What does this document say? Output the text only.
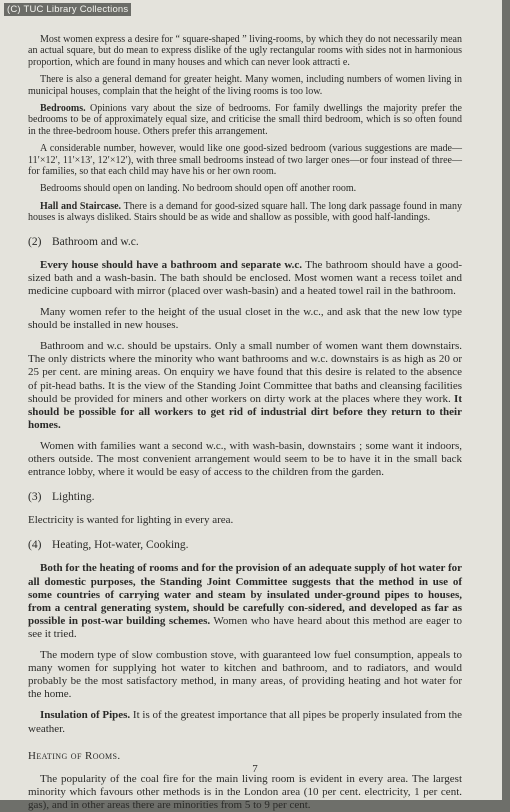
(C) TUC Library Collections

Most women express a desire for “ square-shaped ” living-rooms, by which they do not necessarily mean an actual square, but do mean to express dislike of the ugly rectangular rooms with sides not in harmonious proportion, which are found in many houses and which can never look attracti e.

There is also a general demand for greater height. Many women, including numbers of women living in municipal houses, complain that the height of the living rooms is too low.

Bedrooms. Opinions vary about the size of bedrooms. For family dwellings the majority prefer the bedrooms to be of approximately equal size, and criticise the small third bedroom, which is so often found in the three-bedroom house. Others prefer this arrangement.

A considerable number, however, would like one good-sized bedroom (various suggestions are made—11′×12′, 11′×13′, 12′×12′), with three small bedrooms instead of two larger ones—or four instead of three—for families, so that each child may have his or her own room.

Bedrooms should open on landing. No bedroom should open off another room.

Hall and Staircase. There is a demand for good-sized square hall. The long dark passage found in many houses is always disliked. Stairs should be as wide and shallow as possible, with good half-landings.

(2) Bathroom and w.c.

Every house should have a bathroom and separate w.c. The bathroom should have a good-sized bath and a wash-basin. The bath should be enclosed. Most women want a recess toilet and medicine cupboard with mirror (placed over wash-basin) and a heated towel rail in the bathroom.

Many women refer to the height of the usual closet in the w.c., and ask that the new low type should be installed in new houses.

Bathroom and w.c. should be upstairs. Only a small number of women want them downstairs. The only districts where the minority who want bathrooms and w.c. downstairs is as high as 20 or 25 per cent. are mining areas. On enquiry we have found that this desire is related to the absence of pit-head baths. It is the view of the Standing Joint Committee that baths and cleansing facilities should be provided for miners and other workers on dirty work at the places where they work. It should be possible for all workers to get rid of industrial dirt before they return to their homes.

Women with families want a second w.c., with wash-basin, downstairs ; some want it indoors, others outside. The most convenient arrangement would seem to be to have it in the small back entrance lobby, where it would be easy of access to the children from the garden.

(3) Lighting.

Electricity is wanted for lighting in every area.

(4) Heating, Hot-water, Cooking.

Both for the heating of rooms and for the provision of an adequate supply of hot water for all domestic purposes, the Standing Joint Committee suggests that the method in use of some countries of carrying water and steam by insulated under-ground pipes to houses, from a central generating system, should be carefully con-sidered, and developed as far as possible in post-war building schemes. Women who have heard about this method are eager to see it tried.

The modern type of slow combustion stove, with guaranteed low fuel consumption, appeals to many women for supplying hot water to kitchen and bathroom, and to radiators, and would probably be the most satisfactory method, in many areas, of providing heating and hot water for the home.

Insulation of Pipes. It is of the greatest importance that all pipes be properly insulated from the weather.

Heating of Rooms.

The popularity of the coal fire for the main living room is evident in every area. The largest minority which favours other methods is in the London area (10 per cent. electricity, 1 per cent. gas), and in other areas there are minorities from 5 to 9 per cent.

7
